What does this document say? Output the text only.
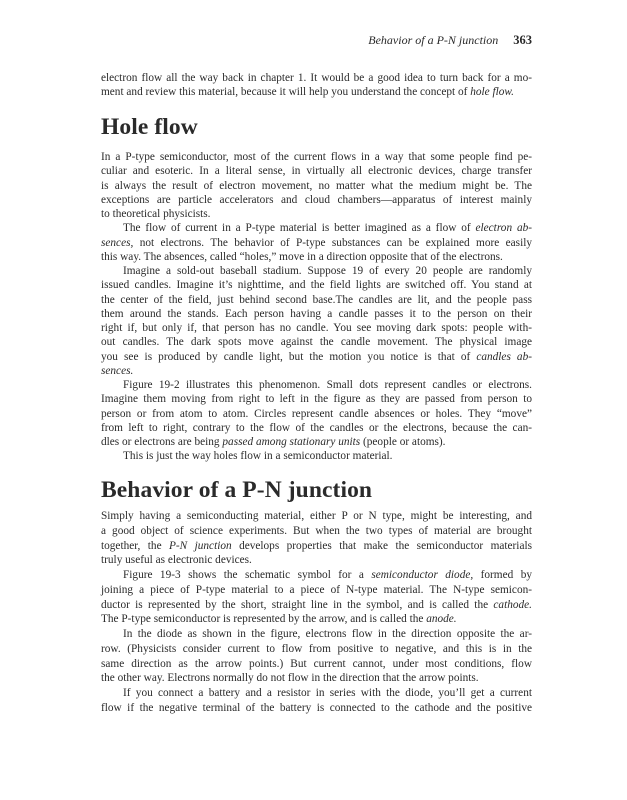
Behavior of a P-N junction 363
electron flow all the way back in chapter 1. It would be a good idea to turn back for a mo-
ment and review this material, because it will help you understand the concept of hole flow.
Hole flow
In a P-type semiconductor, most of the current flows in a way that some people find pe-
culiar and esoteric. In a literal sense, in virtually all electronic devices, charge transfer
is always the result of electron movement, no matter what the medium might be. The
exceptions are particle accelerators and cloud chambers—apparatus of interest mainly
to theoretical physicists.
The flow of current in a P-type material is better imagined as a flow of electron ab-
sences, not electrons. The behavior of P-type substances can be explained more easily
this way. The absences, called “holes,” move in a direction opposite that of the electrons.
Imagine a sold-out baseball stadium. Suppose 19 of every 20 people are randomly
issued candles. Imagine it’s nighttime, and the field lights are switched off. You stand at
the center of the field, just behind second base.The candles are lit, and the people pass
them around the stands. Each person having a candle passes it to the person on their
right if, but only if, that person has no candle. You see moving dark spots: people with-
out candles. The dark spots move against the candle movement. The physical image
you see is produced by candle light, but the motion you notice is that of candles ab-
sences.
Figure 19-2 illustrates this phenomenon. Small dots represent candles or electrons.
Imagine them moving from right to left in the figure as they are passed from person to
person or from atom to atom. Circles represent candle absences or holes. They “move”
from left to right, contrary to the flow of the candles or the electrons, because the can-
dles or electrons are being passed among stationary units (people or atoms).
This is just the way holes flow in a semiconductor material.
Behavior of a P-N junction
Simply having a semiconducting material, either P or N type, might be interesting, and
a good object of science experiments. But when the two types of material are brought
together, the P-N junction develops properties that make the semiconductor materials
truly useful as electronic devices.
Figure 19-3 shows the schematic symbol for a semiconductor diode, formed by
joining a piece of P-type material to a piece of N-type material. The N-type semicon-
ductor is represented by the short, straight line in the symbol, and is called the cathode.
The P-type semiconductor is represented by the arrow, and is called the anode.
In the diode as shown in the figure, electrons flow in the direction opposite the ar-
row. (Physicists consider current to flow from positive to negative, and this is in the
same direction as the arrow points.) But current cannot, under most conditions, flow
the other way. Electrons normally do not flow in the direction that the arrow points.
If you connect a battery and a resistor in series with the diode, you’ll get a current
flow if the negative terminal of the battery is connected to the cathode and the positive
